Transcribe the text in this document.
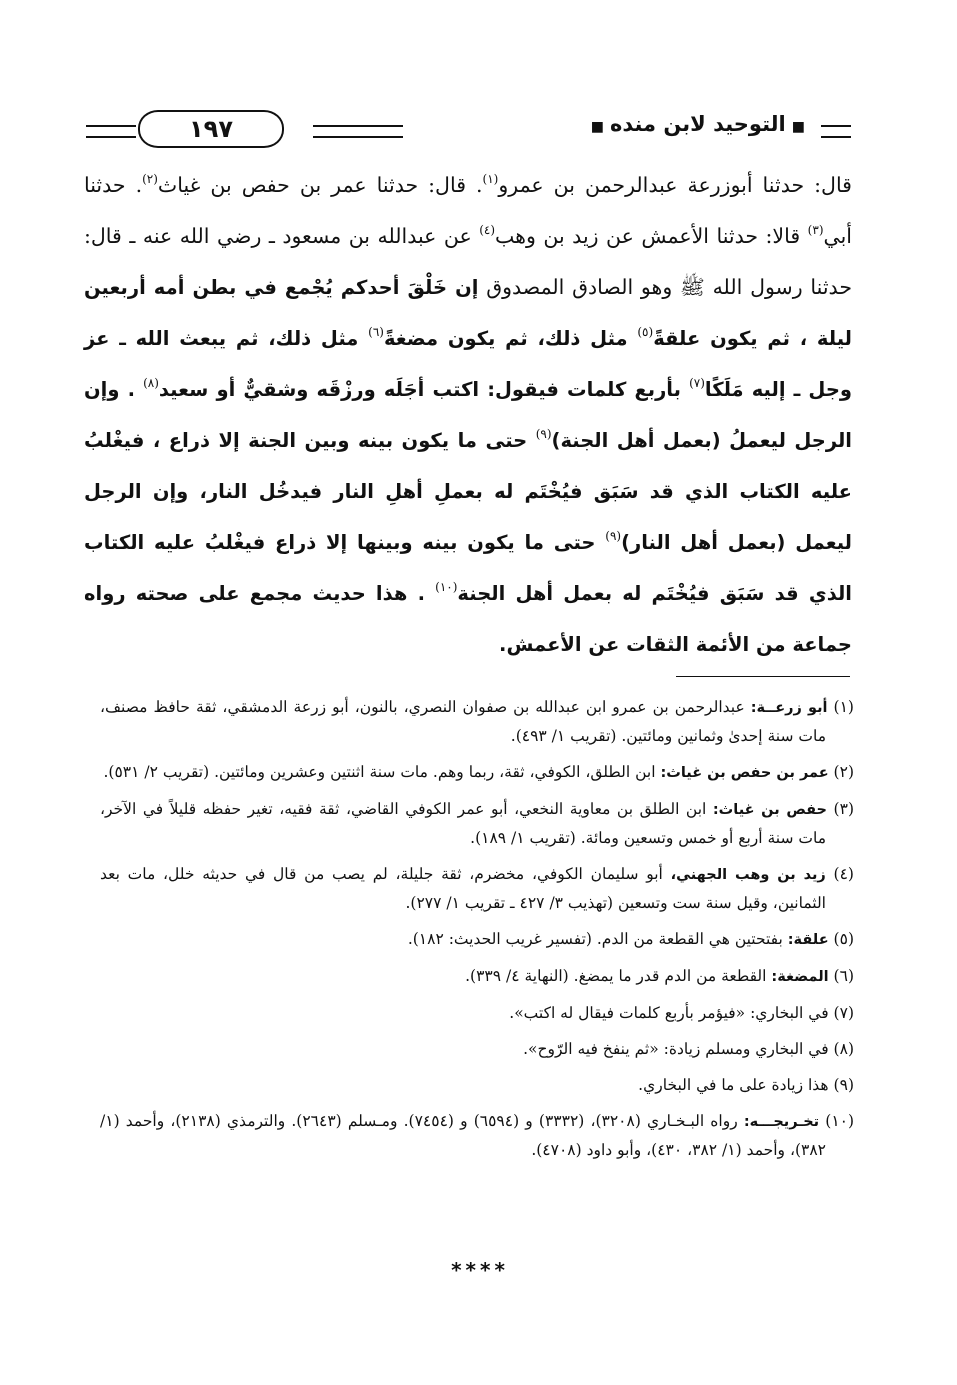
■التوحيد لابن منده■
١٩٧

قال: حدثنا أبوزرعة عبدالرحمن بن عمرو$^{(١)}$. قال: حدثنا عمر بن حفص بن غياث$^{(٢)}$. حدثنا أبي$^{(٣)}$ قالا: حدثنا الأعمش عن زيد بن وهب$^{(٤)}$ عن عبدالله بن مسعود ـ رضي الله عنه ـ قال: حدثنا رسول الله ﷺ وهو الصادق المصدوق إن خَلْقَ أحدكم يُجْمع في بطن أمه أربعين ليلة ، ثم يكون علقةً$^{(٥)}$ مثل ذلك، ثم يكون مضغةً$^{(٦)}$ مثل ذلك، ثم يبعث الله ـ عز وجل ـ إليه مَلَكًا$^{(٧)}$ بأربع كلمات فيقول: اكتب أجَلَه ورزْقَه وشقيٌّ أو سعيد$^{(٨)}$ . وإن الرجل ليعملُ (بعمل أهل الجنة)$^{(٩)}$ حتى ما يكون بينه وبين الجنة إلا ذراع ، فيغْلبُ عليه الكتاب الذي قد سَبَق فيُخْتَم له بعملِ أهلِ النار فيدخُل النار، وإن الرجل ليعمل (بعمل أهل النار)$^{(٩)}$ حتى ما يكون بينه وبينها إلا ذراع فيغْلبُ عليه الكتاب الذي قد سَبَق فيُخْتَم له بعمل أهل الجنة$^{(١٠)}$ . هذا حديث مجمع على صحته رواه جماعة من الأئمة الثقات عن الأعمش.

(١) أبو زرعــة: عبدالرحمن بن عمرو ابن عبدالله بن صفوان النصري، بالنون، أبو زرعة الدمشقي، ثقة حافظ مصنف، مات سنة إحدىٰ وثمانين ومائتين. (تقريب ١/ ٤٩٣).

(٢) عمر بن حفص بن غياث: ابن الطلق، الكوفي، ثقة، ربما وهم. مات سنة اثنتين وعشرين ومائتين. (تقريب ٢/ ٥٣١).

(٣) حفص بن غياث: ابن الطلق بن معاوية النخعي، أبو عمر الكوفي القاضي، ثقة فقيه، تغير حفظه قليلاً في الآخر، مات سنة أربع أو خمس وتسعين ومائة. (تقريب ١/ ١٨٩).

(٤) زيد بن وهب الجهني، أبو سليمان الكوفي، مخضرم، ثقة جليلة، لم يصب من قال في حديثه خلل، مات بعد الثمانين، وقيل سنة ست وتسعين (تهذيب ٣/ ٤٢٧ ـ تقريب ١/ ٢٧٧).

(٥) علقة: بفتحتين هي القطعة من الدم. (تفسير غريب الحديث: ١٨٢).

(٦) المضغة: القطعة من الدم قدر ما يمضغ. (النهاية ٤/ ٣٣٩).

(٧) في البخاري: «فيؤمر بأربع كلمات فيقال له اكتب».

(٨) في البخاري ومسلم زيادة: «ثم ينفخ فيه الرّوح».

(٩) هذا زيادة على ما في البخاري.

(١٠) تخـريجـــه: رواه البـخـاري (٣٢٠٨)، (٣٣٣٢) و (٦٥٩٤) و (٧٤٥٤). ومـسلم (٢٦٤٣). والترمذي (٢١٣٨)، وأحمد (١/ ٣٨٢)، وأحمد (١/ ٣٨٢، ٤٣٠)، وأبو داود (٤٧٠٨).

****
